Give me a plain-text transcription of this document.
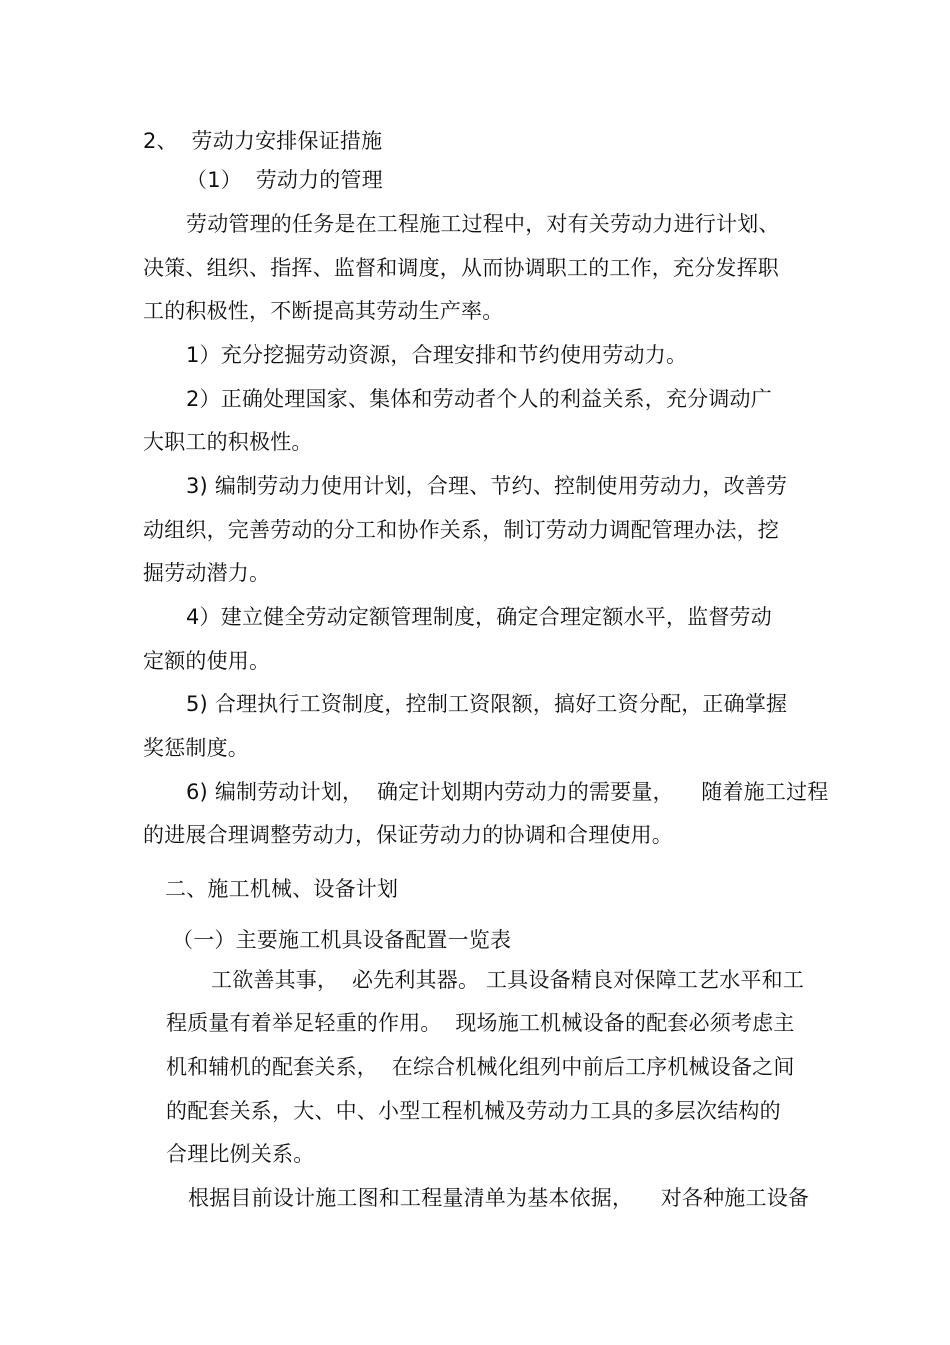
2、  劳动力安排保证措施
（1）  劳动力的管理
劳动管理的任务是在工程施工过程中，对有关劳动力进行计划、
决策、组织、指挥、监督和调度，从而协调职工的工作，充分发挥职
工的积极性，不断提高其劳动生产率。
1）充分挖掘劳动资源，合理安排和节约使用劳动力。
2）正确处理国家、集体和劳动者个人的利益关系，充分调动广
大职工的积极性。
3) 编制劳动力使用计划，合理、节约、控制使用劳动力，改善劳
动组织，完善劳动的分工和协作关系，制订劳动力调配管理办法，挖
掘劳动潜力。
4）建立健全劳动定额管理制度，确定合理定额水平，监督劳动
定额的使用。
5) 合理执行工资制度，控制工资限额，搞好工资分配，正确掌握
奖惩制度。
6) 编制劳动计划，  确定计划期内劳动力的需要量，    随着施工过程
的进展合理调整劳动力，保证劳动力的协调和合理使用。
二、施工机械、设备计划
（一）主要施工机具设备配置一览表
工欲善其事，  必先利其器。 工具设备精良对保障工艺水平和工
程质量有着举足轻重的作用。  现场施工机械设备的配套必须考虑主
机和辅机的配套关系，  在综合机械化组列中前后工序机械设备之间
的配套关系，大、中、小型工程机械及劳动力工具的多层次结构的
合理比例关系。
根据目前设计施工图和工程量清单为基本依据，    对各种施工设备
